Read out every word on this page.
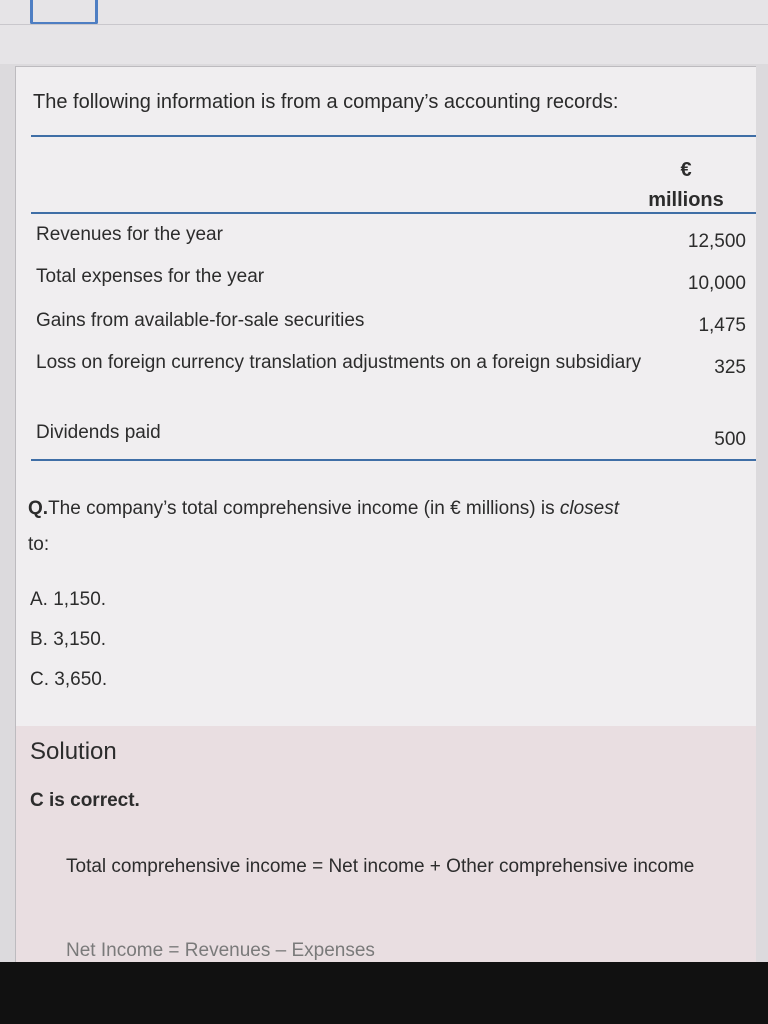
The following information is from a company’s accounting records:
€
millions
Revenues for the year	12,500
Total expenses for the year	10,000
Gains from available-for-sale securities	1,475
Loss on foreign currency translation adjustments on a foreign subsidiary	325
Dividends paid	500
Q.The company’s total comprehensive income (in € millions) is closest
to:
A. 1,150.
B. 3,150.
C. 3,650.
Solution
C is correct.
Total comprehensive income = Net income + Other comprehensive income
Net Income = Revenues – Expenses
